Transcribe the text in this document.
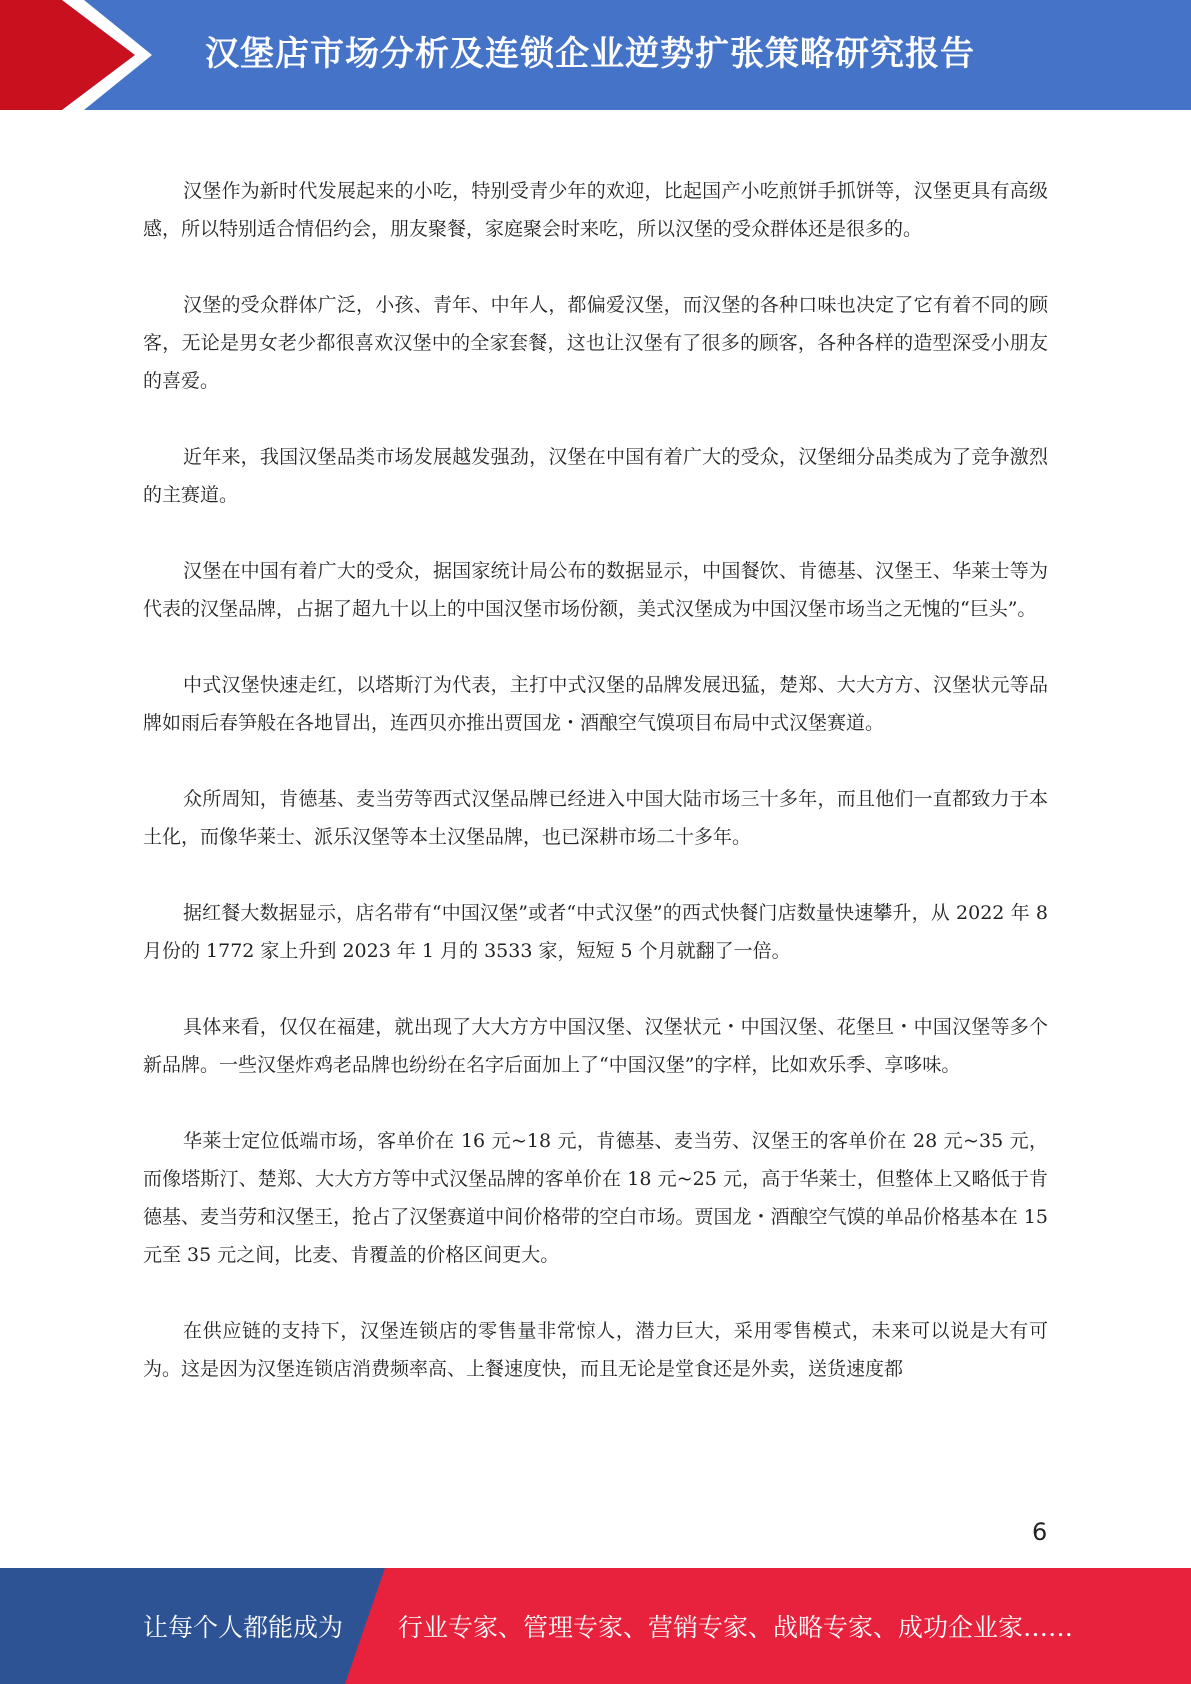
汉堡店市场分析及连锁企业逆势扩张策略研究报告

汉堡作为新时代发展起来的小吃，特别受青少年的欢迎，比起国产小吃煎饼手抓饼等，汉堡更具有高级感，所以特别适合情侣约会，朋友聚餐，家庭聚会时来吃，所以汉堡的受众群体还是很多的。

汉堡的受众群体广泛，小孩、青年、中年人，都偏爱汉堡，而汉堡的各种口味也决定了它有着不同的顾客，无论是男女老少都很喜欢汉堡中的全家套餐，这也让汉堡有了很多的顾客，各种各样的造型深受小朋友的喜爱。

近年来，我国汉堡品类市场发展越发强劲，汉堡在中国有着广大的受众，汉堡细分品类成为了竞争激烈的主赛道。

汉堡在中国有着广大的受众，据国家统计局公布的数据显示，中国餐饮、肯德基、汉堡王、华莱士等为代表的汉堡品牌，占据了超九十以上的中国汉堡市场份额，美式汉堡成为中国汉堡市场当之无愧的“巨头”。

中式汉堡快速走红，以塔斯汀为代表，主打中式汉堡的品牌发展迅猛，楚郑、大大方方、汉堡状元等品牌如雨后春笋般在各地冒出，连西贝亦推出贾国龙・酒酿空气馍项目布局中式汉堡赛道。

众所周知，肯德基、麦当劳等西式汉堡品牌已经进入中国大陆市场三十多年，而且他们一直都致力于本土化，而像华莱士、派乐汉堡等本土汉堡品牌，也已深耕市场二十多年。

据红餐大数据显示，店名带有“中国汉堡”或者“中式汉堡”的西式快餐门店数量快速攀升，从 2022 年 8 月份的 1772 家上升到 2023 年 1 月的 3533 家，短短 5 个月就翻了一倍。

具体来看，仅仅在福建，就出现了大大方方中国汉堡、汉堡状元・中国汉堡、花堡旦・中国汉堡等多个新品牌。一些汉堡炸鸡老品牌也纷纷在名字后面加上了“中国汉堡”的字样，比如欢乐季、享哆味。

华莱士定位低端市场，客单价在 16 元~18 元，肯德基、麦当劳、汉堡王的客单价在 28 元~35 元，而像塔斯汀、楚郑、大大方方等中式汉堡品牌的客单价在 18 元~25 元，高于华莱士，但整体上又略低于肯德基、麦当劳和汉堡王，抢占了汉堡赛道中间价格带的空白市场。贾国龙・酒酿空气馍的单品价格基本在 15 元至 35 元之间，比麦、肯覆盖的价格区间更大。

在供应链的支持下，汉堡连锁店的零售量非常惊人，潜力巨大，采用零售模式，未来可以说是大有可为。这是因为汉堡连锁店消费频率高、上餐速度快，而且无论是堂食还是外卖，送货速度都

6
让每个人都能成为 行业专家、管理专家、营销专家、战略专家、成功企业家……
